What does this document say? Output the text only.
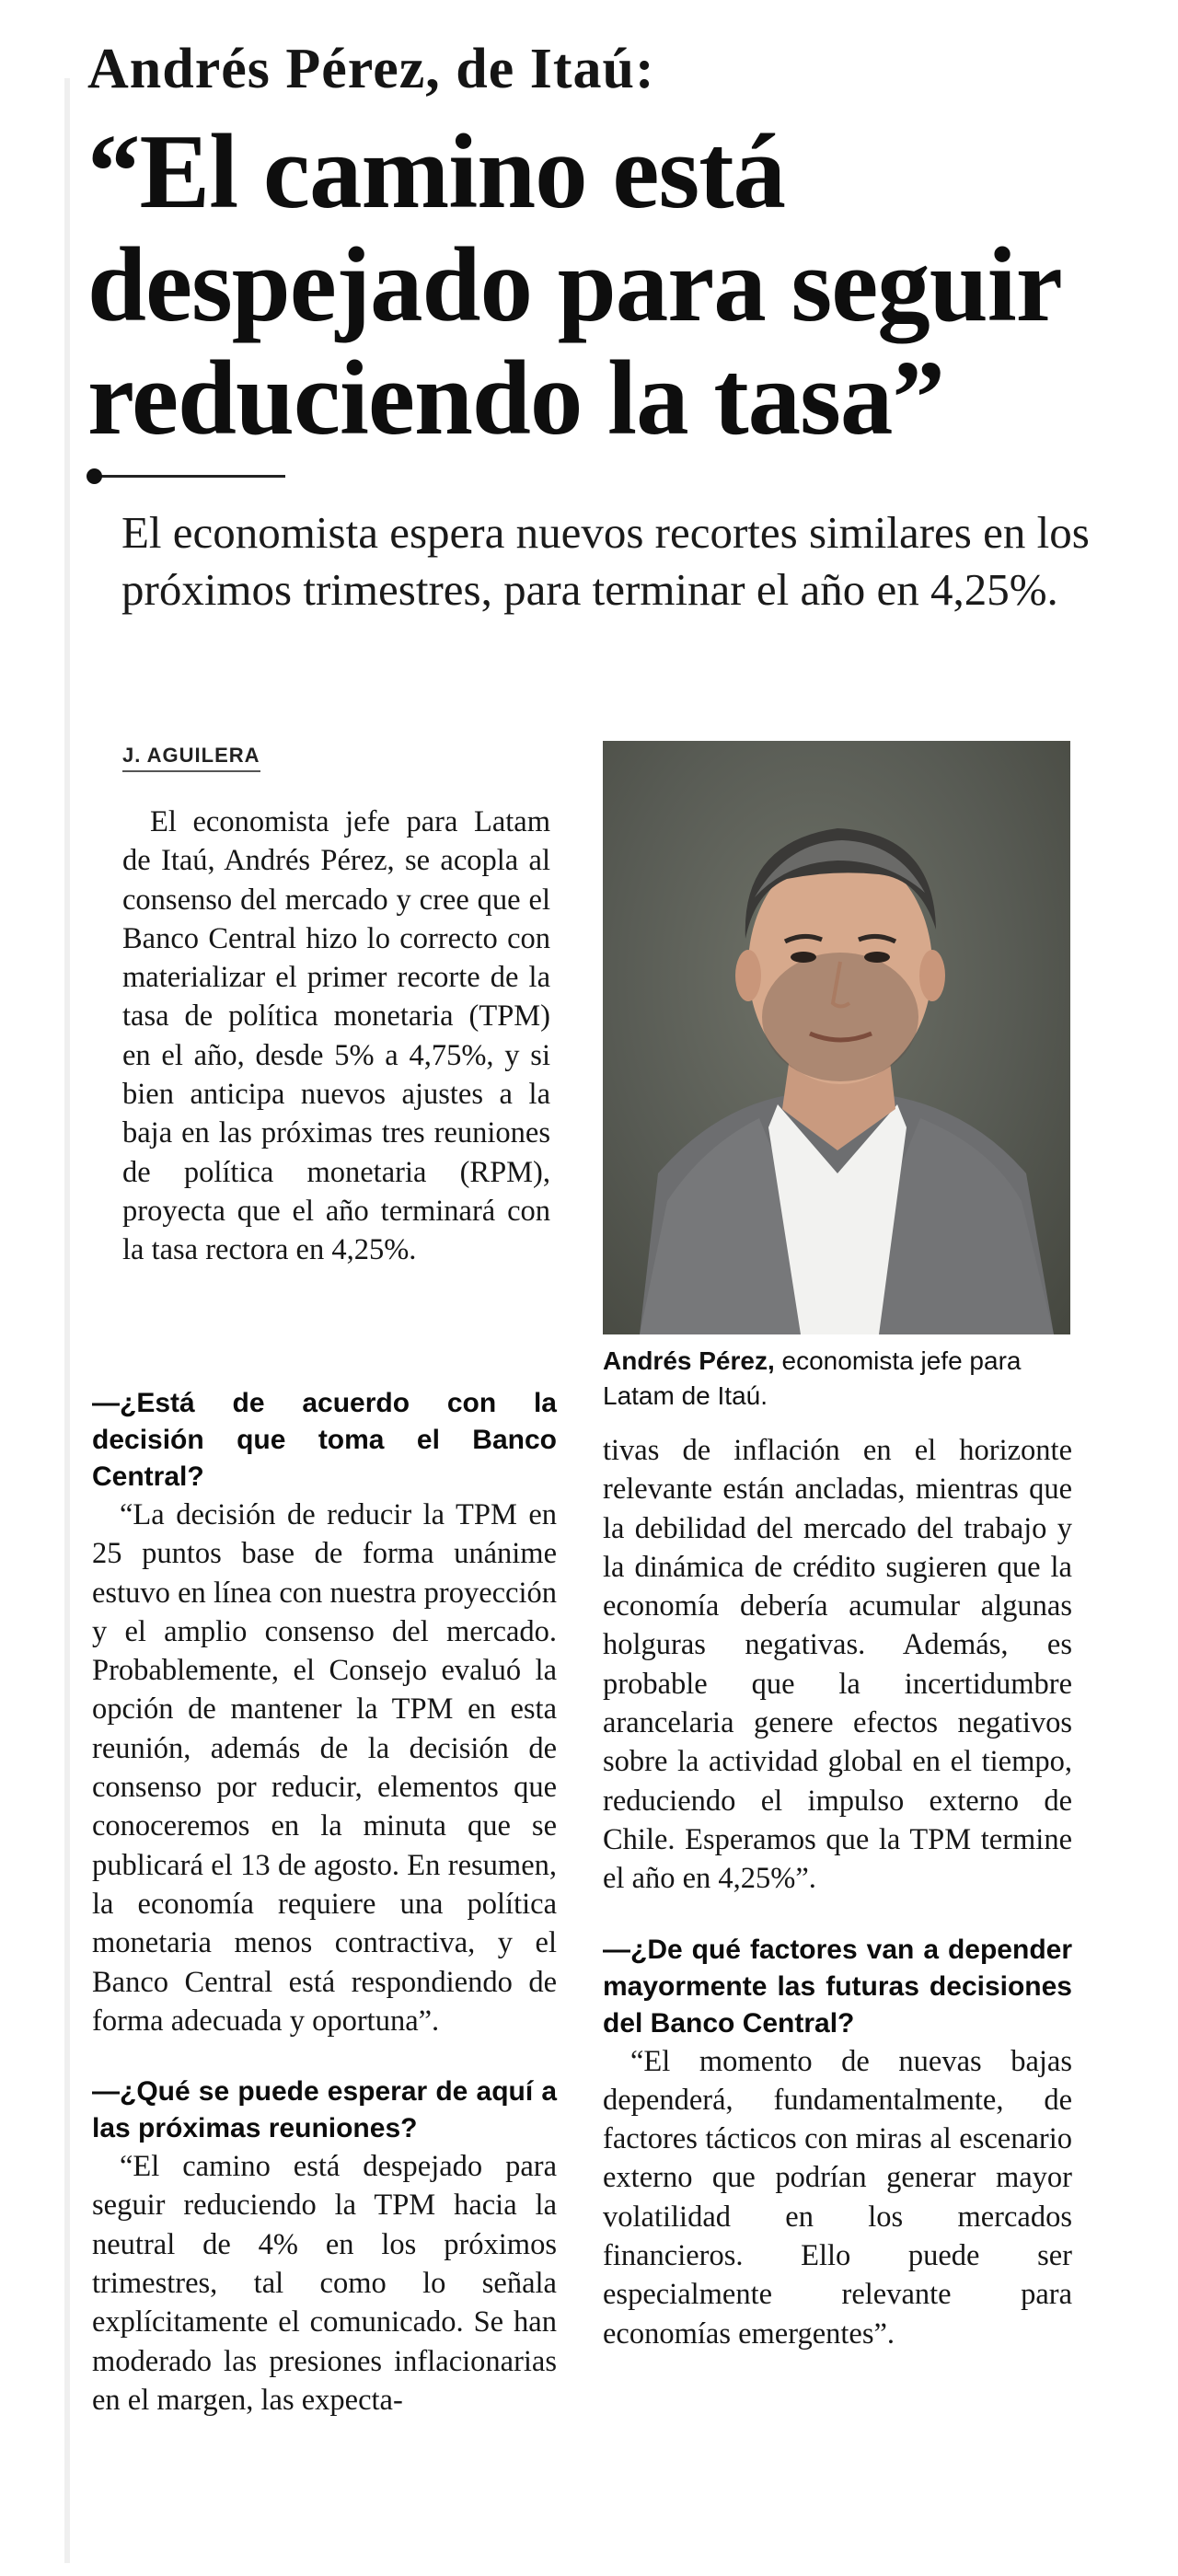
Andrés Pérez, de Itaú:
“El camino está despejado para seguir reduciendo la tasa”

El economista espera nuevos recortes similares en los próximos trimestres, para terminar el año en 4,25%.

J. AGUILERA

El economista jefe para Latam de Itaú, Andrés Pérez, se acopla al consenso del mercado y cree que el Banco Central hizo lo correcto con materializar el primer recorte de la tasa de política monetaria (TPM) en el año, desde 5% a 4,75%, y si bien anticipa nuevos ajustes a la baja en las próximas tres reuniones de política monetaria (RPM), proyecta que el año terminará con la tasa rectora en 4,25%.

Andrés Pérez, economista jefe para Latam de Itaú.

—¿Está de acuerdo con la decisión que toma el Banco Central?

“La decisión de reducir la TPM en 25 puntos base de forma unánime estuvo en línea con nuestra proyección y el amplio consenso del mercado. Probablemente, el Consejo evaluó la opción de mantener la TPM en esta reunión, además de la decisión de consenso por reducir, elementos que conoceremos en la minuta que se publicará el 13 de agosto. En resumen, la economía requiere una política monetaria menos contractiva, y el Banco Central está respondiendo de forma adecuada y oportuna”.

—¿Qué se puede esperar de aquí a las próximas reuniones?

“El camino está despejado para seguir reduciendo la TPM hacia la neutral de 4% en los próximos trimestres, tal como lo señala explícitamente el comunicado. Se han moderado las presiones inflacionarias en el margen, las expecta-

tivas de inflación en el horizonte relevante están ancladas, mientras que la debilidad del mercado del trabajo y la dinámica de crédito sugieren que la economía debería acumular algunas holguras negativas. Además, es probable que la incertidumbre arancelaria genere efectos negativos sobre la actividad global en el tiempo, reduciendo el impulso externo de Chile. Esperamos que la TPM termine el año en 4,25%”.

—¿De qué factores van a depender mayormente las futuras decisiones del Banco Central?

“El momento de nuevas bajas dependerá, fundamentalmente, de factores tácticos con miras al escenario externo que podrían generar mayor volatilidad en los mercados financieros. Ello puede ser especialmente relevante para economías emergentes”.
